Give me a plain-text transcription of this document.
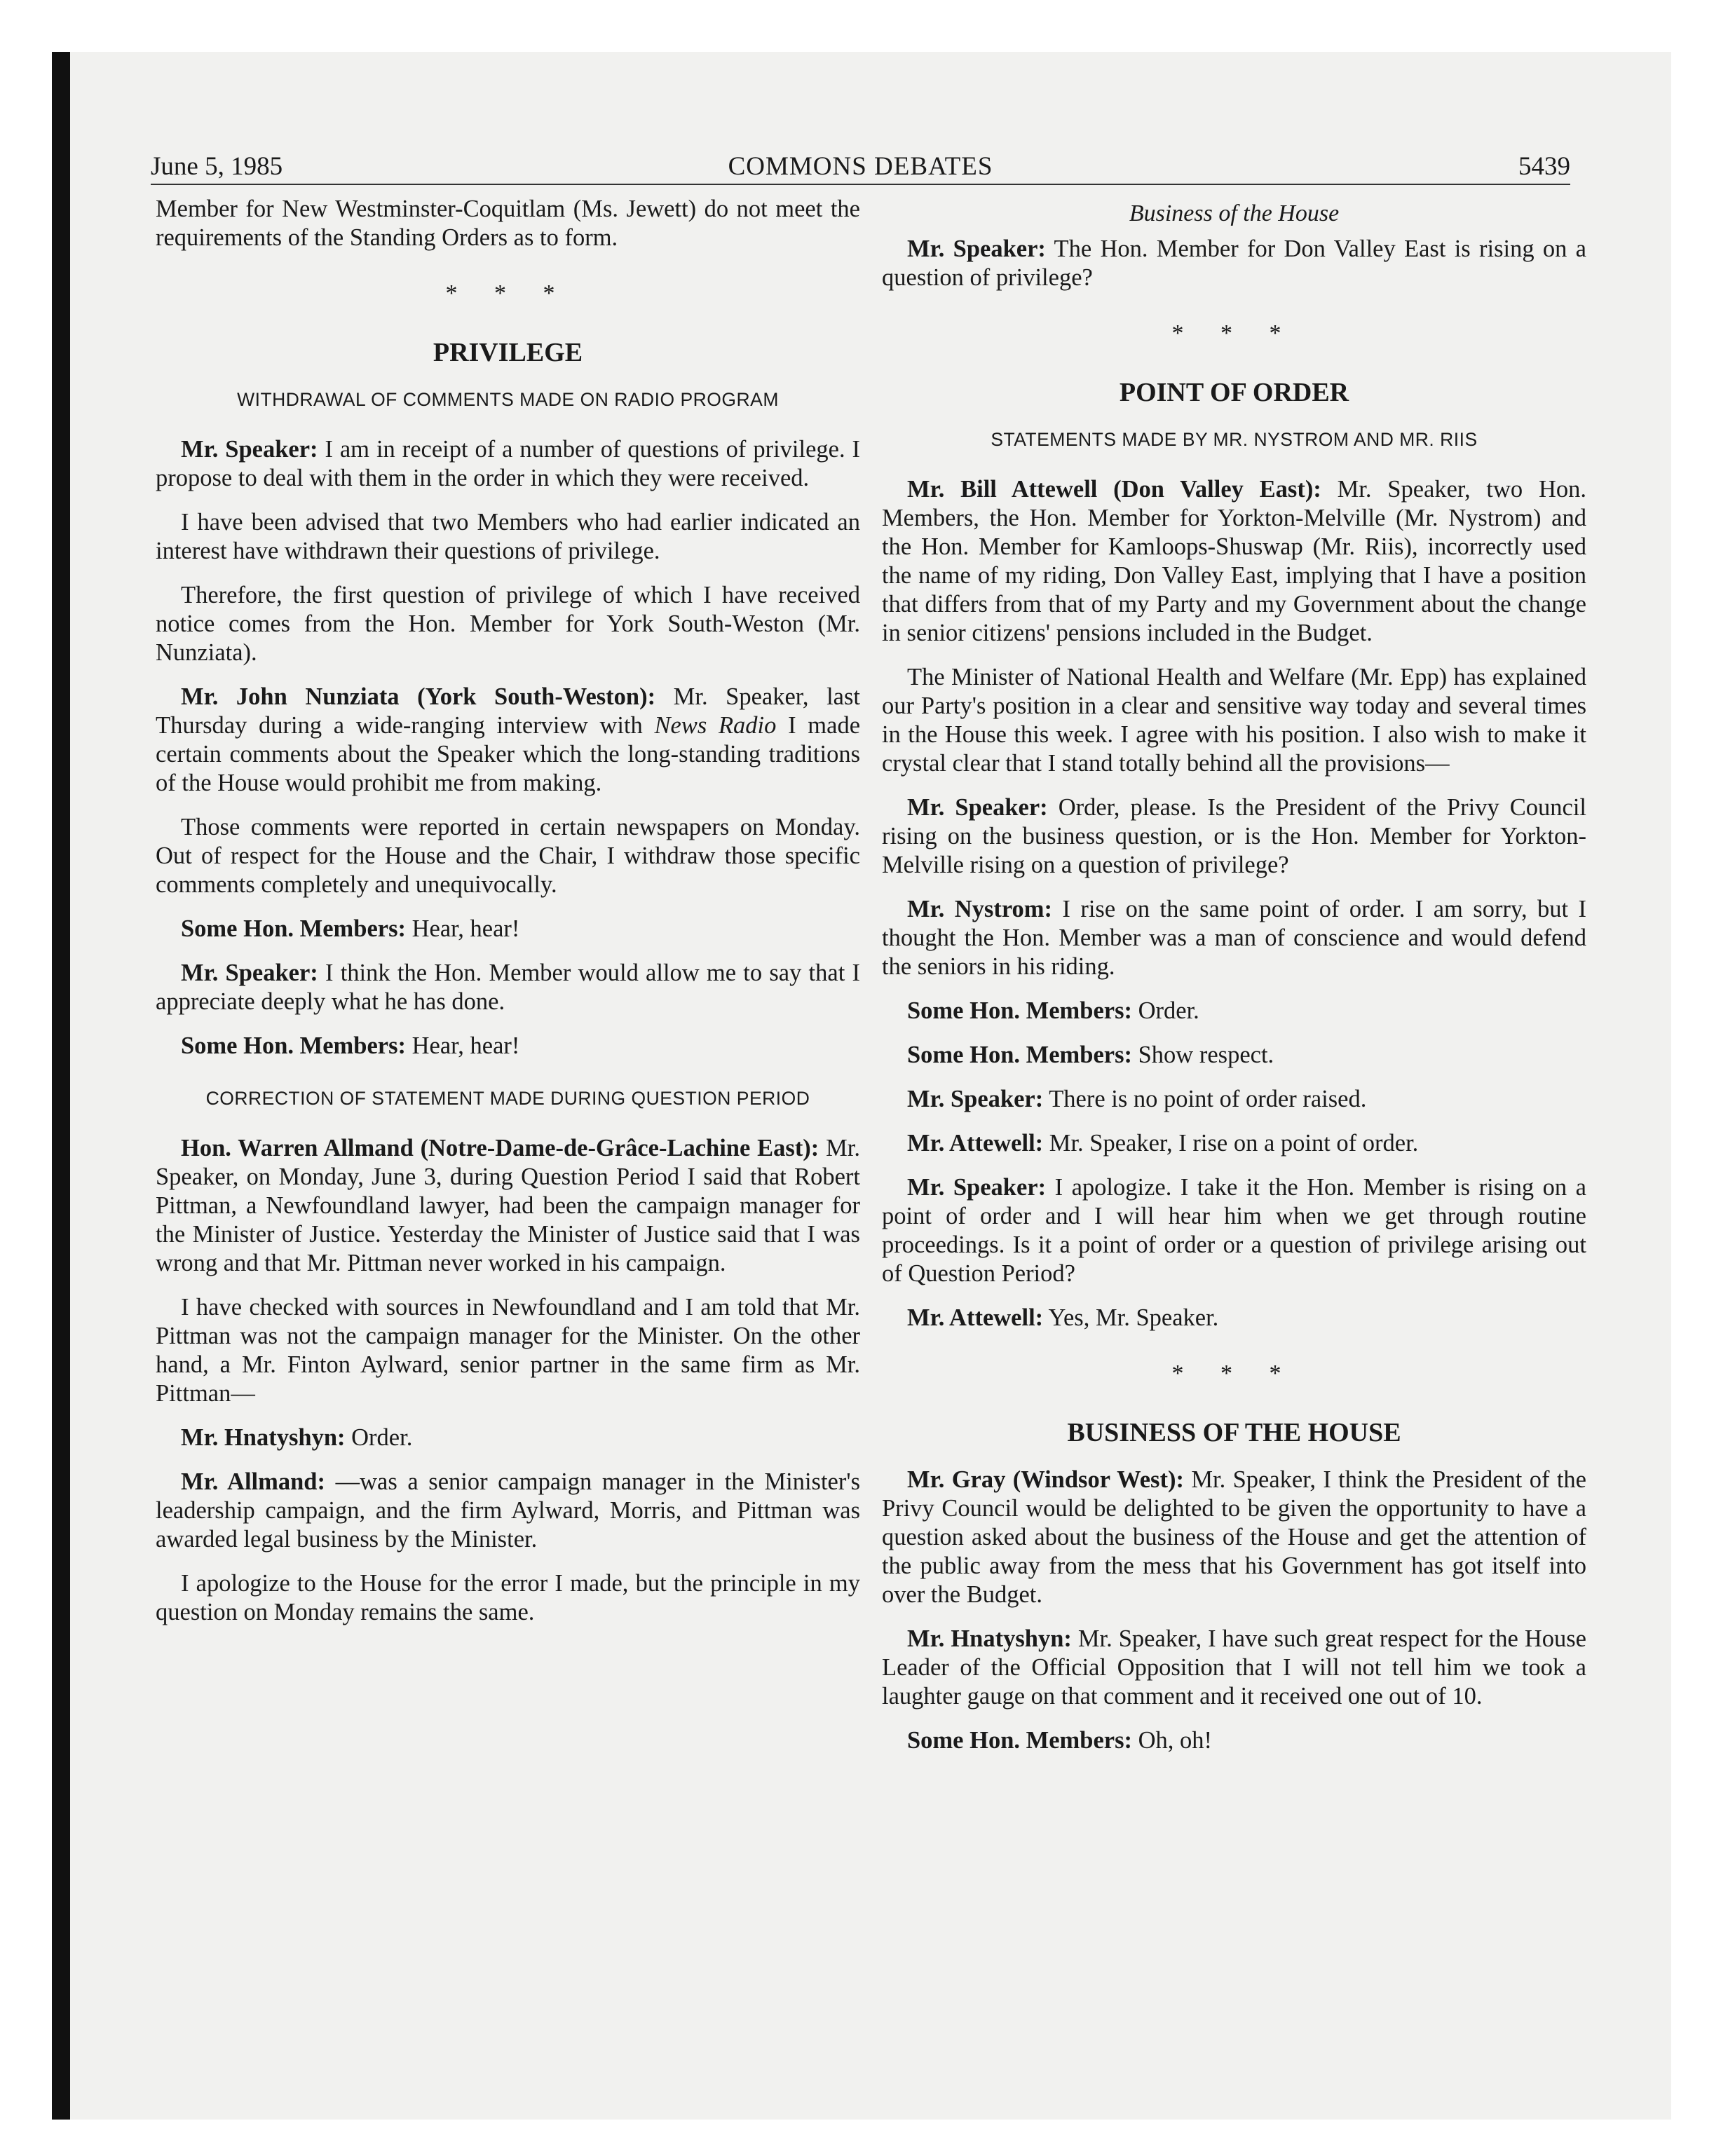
June 5, 1985	COMMONS DEBATES	5439

Member for New Westminster-Coquitlam (Ms. Jewett) do not meet the requirements of the Standing Orders as to form.

* * *
PRIVILEGE
WITHDRAWAL OF COMMENTS MADE ON RADIO PROGRAM

Mr. Speaker: I am in receipt of a number of questions of privilege. I propose to deal with them in the order in which they were received.

I have been advised that two Members who had earlier indicated an interest have withdrawn their questions of privilege.

Therefore, the first question of privilege of which I have received notice comes from the Hon. Member for York South-Weston (Mr. Nunziata).

Mr. John Nunziata (York South-Weston): Mr. Speaker, last Thursday during a wide-ranging interview with News Radio I made certain comments about the Speaker which the long-standing traditions of the House would prohibit me from making.

Those comments were reported in certain newspapers on Monday. Out of respect for the House and the Chair, I withdraw those specific comments completely and unequivocally.

Some Hon. Members: Hear, hear!

Mr. Speaker: I think the Hon. Member would allow me to say that I appreciate deeply what he has done.

Some Hon. Members: Hear, hear!

CORRECTION OF STATEMENT MADE DURING QUESTION PERIOD

Hon. Warren Allmand (Notre-Dame-de-Grâce-Lachine East): Mr. Speaker, on Monday, June 3, during Question Period I said that Robert Pittman, a Newfoundland lawyer, had been the campaign manager for the Minister of Justice. Yesterday the Minister of Justice said that I was wrong and that Mr. Pittman never worked in his campaign.

I have checked with sources in Newfoundland and I am told that Mr. Pittman was not the campaign manager for the Minister. On the other hand, a Mr. Finton Aylward, senior partner in the same firm as Mr. Pittman—

Mr. Hnatyshyn: Order.

Mr. Allmand: —was a senior campaign manager in the Minister's leadership campaign, and the firm Aylward, Morris, and Pittman was awarded legal business by the Minister.

I apologize to the House for the error I made, but the principle in my question on Monday remains the same.

Business of the House

Mr. Speaker: The Hon. Member for Don Valley East is rising on a question of privilege?

* * *
POINT OF ORDER
STATEMENTS MADE BY MR. NYSTROM AND MR. RIIS

Mr. Bill Attewell (Don Valley East): Mr. Speaker, two Hon. Members, the Hon. Member for Yorkton-Melville (Mr. Nystrom) and the Hon. Member for Kamloops-Shuswap (Mr. Riis), incorrectly used the name of my riding, Don Valley East, implying that I have a position that differs from that of my Party and my Government about the change in senior citizens' pensions included in the Budget.

The Minister of National Health and Welfare (Mr. Epp) has explained our Party's position in a clear and sensitive way today and several times in the House this week. I agree with his position. I also wish to make it crystal clear that I stand totally behind all the provisions—

Mr. Speaker: Order, please. Is the President of the Privy Council rising on the business question, or is the Hon. Member for Yorkton-Melville rising on a question of privilege?

Mr. Nystrom: I rise on the same point of order. I am sorry, but I thought the Hon. Member was a man of conscience and would defend the seniors in his riding.

Some Hon. Members: Order.

Some Hon. Members: Show respect.

Mr. Speaker: There is no point of order raised.

Mr. Attewell: Mr. Speaker, I rise on a point of order.

Mr. Speaker: I apologize. I take it the Hon. Member is rising on a point of order and I will hear him when we get through routine proceedings. Is it a point of order or a question of privilege arising out of Question Period?

Mr. Attewell: Yes, Mr. Speaker.

* * *
BUSINESS OF THE HOUSE

Mr. Gray (Windsor West): Mr. Speaker, I think the President of the Privy Council would be delighted to be given the opportunity to have a question asked about the business of the House and get the attention of the public away from the mess that his Government has got itself into over the Budget.

Mr. Hnatyshyn: Mr. Speaker, I have such great respect for the House Leader of the Official Opposition that I will not tell him we took a laughter gauge on that comment and it received one out of 10.

Some Hon. Members: Oh, oh!
